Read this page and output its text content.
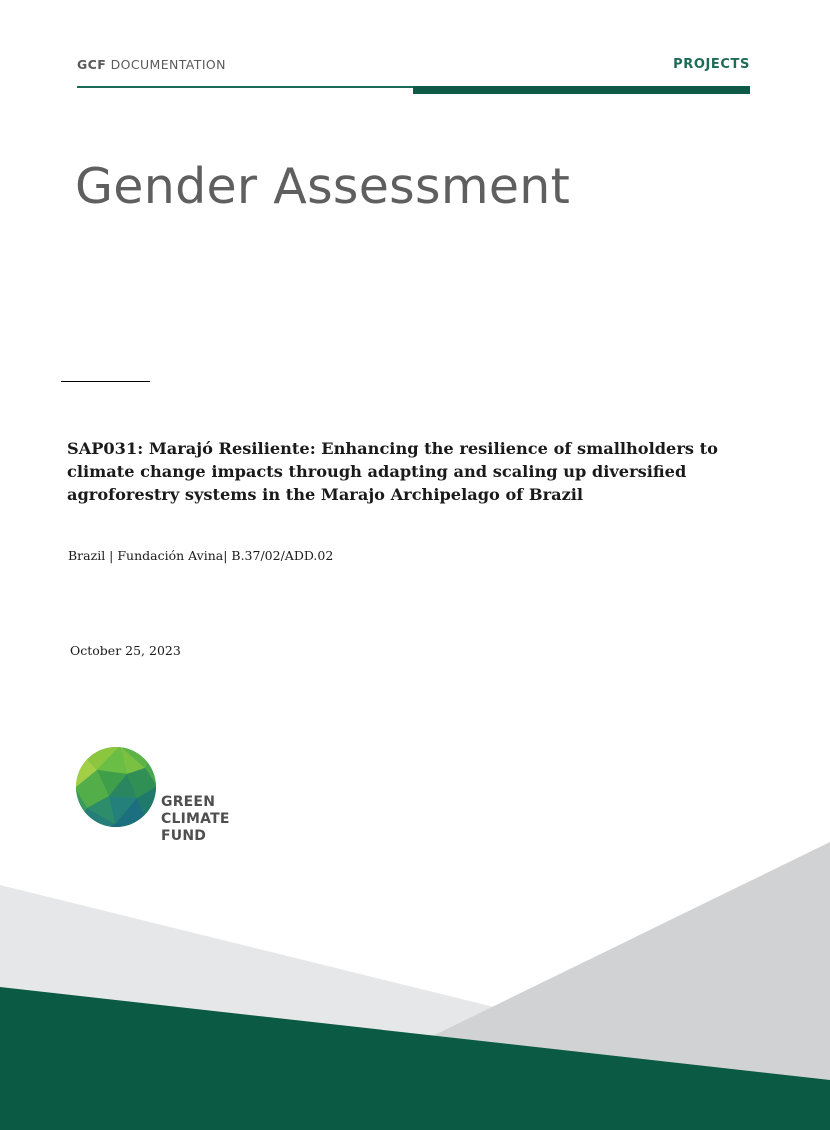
GCF DOCUMENTATION	PROJECTS
Gender Assessment
SAP031: Marajó Resiliente: Enhancing the resilience of smallholders to climate change impacts through adapting and scaling up diversified agroforestry systems in the Marajo Archipelago of Brazil
Brazil | Fundación Avina| B.37/02/ADD.02
October 25, 2023
GREEN
CLIMATE
FUND
